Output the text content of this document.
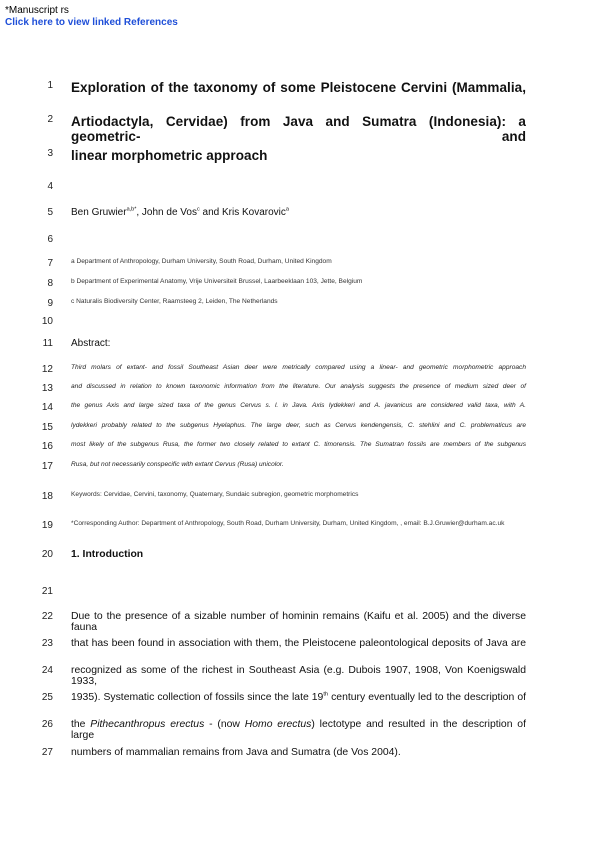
*Manuscript rs
Click here to view linked References
1 Exploration of the taxonomy of some Pleistocene Cervini (Mammalia,
2 Artiodactyla, Cervidae) from Java and Sumatra (Indonesia): a geometric- and
3 linear morphometric approach
4
5 Ben Gruwier$^{a,b*}$, John de Vos$^c$ and Kris Kovarovic$^a$
6
7	a Department of Anthropology, Durham University, South Road, Durham, United Kingdom
8	b Department of Experimental Anatomy, Vrije Universiteit Brussel, Laarbeeklaan 103, Jette, Belgium
9	c Naturalis Biodiversity Center, Raamsteeg 2, Leiden, The Netherlands
10
11 Abstract:
12	Third molars of extant- and fossil Southeast Asian deer were metrically compared using a linear- and geometric morphometric approach
13	and discussed in relation to known taxonomic information from the literature. Our analysis suggests the presence of medium sized deer of
14	the genus Axis and large sized taxa of the genus Cervus s. l. in Java. Axis lydekkeri and A. javanicus are considered valid taxa, with A.
15	lydekkeri probably related to the subgenus Hyelaphus. The large deer, such as Cervus kendengensis, C. stehlini and C. problematicus are
16	most likely of the subgenus Rusa, the former two closely related to extant C. timorensis. The Sumatran fossils are members of the subgenus
17	Rusa, but not necessarily conspecific with extant Cervus (Rusa) unicolor.
18	Keywords: Cervidae, Cervini, taxonomy, Quaternary, Sundaic subregion, geometric morphometrics
19	*Corresponding Author: Department of Anthropology, South Road, Durham University, Durham, United Kingdom, , email: B.J.Gruwier@durham.ac.uk
20 1. Introduction
21
22 Due to the presence of a sizable number of hominin remains (Kaifu et al. 2005) and the diverse fauna
23 that has been found in association with them, the Pleistocene paleontological deposits of Java are
24 recognized as some of the richest in Southeast Asia (e.g. Dubois 1907, 1908, Von Koenigswald 1933,
25 1935). Systematic collection of fossils since the late 19th century eventually led to the description of
26 the Pithecanthropus erectus - (now Homo erectus) lectotype and resulted in the description of large
27 numbers of mammalian remains from Java and Sumatra (de Vos 2004).
